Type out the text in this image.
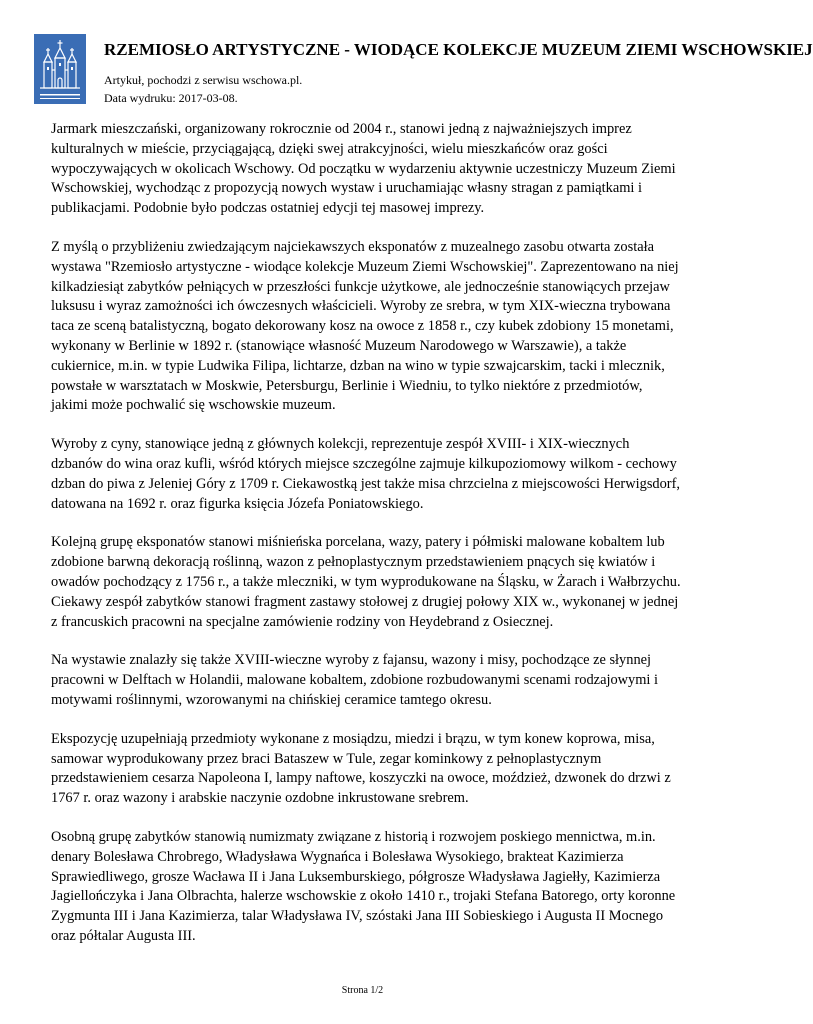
RZEMIOSŁO ARTYSTYCZNE - WIODĄCE KOLEKCJE MUZEUM ZIEMI WSCHOWSKIEJ
Artykuł, pochodzi z serwisu wschowa.pl.
Data wydruku: 2017-03-08.

Jarmark mieszczański, organizowany rokrocznie od 2004 r., stanowi jedną z najważniejszych imprez kulturalnych w mieście, przyciągającą, dzięki swej atrakcyjności, wielu mieszkańców oraz gości wypoczywających w okolicach Wschowy. Od początku w wydarzeniu aktywnie uczestniczy Muzeum Ziemi Wschowskiej, wychodząc z propozycją nowych wystaw i uruchamiając własny stragan z pamiątkami i publikacjami. Podobnie było podczas ostatniej edycji tej masowej imprezy.

Z myślą o przybliżeniu zwiedzającym najciekawszych eksponatów z muzealnego zasobu otwarta została wystawa "Rzemiosło artystyczne - wiodące kolekcje Muzeum Ziemi Wschowskiej". Zaprezentowano na niej kilkadziesiąt zabytków pełniących w przeszłości funkcje użytkowe, ale jednocześnie stanowiących przejaw luksusu i wyraz zamożności ich ówczesnych właścicieli. Wyroby ze srebra, w tym XIX-wieczna trybowana taca ze sceną batalistyczną, bogato dekorowany kosz na owoce z 1858 r., czy kubek zdobiony 15 monetami, wykonany w Berlinie w 1892 r. (stanowiące własność Muzeum Narodowego w Warszawie), a także cukiernice, m.in. w typie Ludwika Filipa, lichtarze, dzban na wino w typie szwajcarskim, tacki i mlecznik, powstałe w warsztatach w Moskwie, Petersburgu, Berlinie i Wiedniu, to tylko niektóre z przedmiotów, jakimi może pochwalić się wschowskie muzeum.

Wyroby z cyny, stanowiące jedną z głównych kolekcji, reprezentuje zespół XVIII- i XIX-wiecznych dzbanów do wina oraz kufli, wśród których miejsce szczególne zajmuje kilkupoziomowy wilkom - cechowy dzban do piwa z Jeleniej Góry z 1709 r. Ciekawostką jest także misa chrzcielna z miejscowości Herwigsdorf, datowana na 1692 r. oraz figurka księcia Józefa Poniatowskiego.

Kolejną grupę eksponatów stanowi miśnieńska porcelana, wazy, patery i półmiski malowane kobaltem lub zdobione barwną dekoracją roślinną, wazon z pełnoplastycznym przedstawieniem pnących się kwiatów i owadów pochodzący z 1756 r., a także mleczniki, w tym wyprodukowane na Śląsku, w Żarach i Wałbrzychu. Ciekawy zespół zabytków stanowi fragment zastawy stołowej z drugiej połowy XIX w., wykonanej w jednej z francuskich pracowni na specjalne zamówienie rodziny von Heydebrand z Osiecznej.

Na wystawie znalazły się także XVIII-wieczne wyroby z fajansu, wazony i misy, pochodzące ze słynnej pracowni w Delftach w Holandii, malowane kobaltem, zdobione rozbudowanymi scenami rodzajowymi i motywami roślinnymi, wzorowanymi na chińskiej ceramice tamtego okresu.

Ekspozycję uzupełniają przedmioty wykonane z mosiądzu, miedzi i brązu, w tym konew koprowa, misa, samowar wyprodukowany przez braci Bataszew w Tule, zegar kominkowy z pełnoplastycznym przedstawieniem cesarza Napoleona I, lampy naftowe, koszyczki na owoce, moździeż, dzwonek do drzwi z 1767 r. oraz wazony i arabskie naczynie ozdobne inkrustowane srebrem.

Osobną grupę zabytków stanowią numizmaty związane z historią i rozwojem poskiego mennictwa, m.in. denary Bolesława Chrobrego, Władysława Wygnańca i Bolesława Wysokiego, brakteat Kazimierza Sprawiedliwego, grosze Wacława II i Jana Luksemburskiego, półgrosze Władysława Jagiełły, Kazimierza Jagiellończyka i Jana Olbrachta, halerze wschowskie z około 1410 r., trojaki Stefana Batorego, orty koronne Zygmunta III i Jana Kazimierza, talar Władysława IV, szóstaki Jana III Sobieskiego i Augusta II Mocnego oraz półtalar Augusta III.

Strona 1/2
